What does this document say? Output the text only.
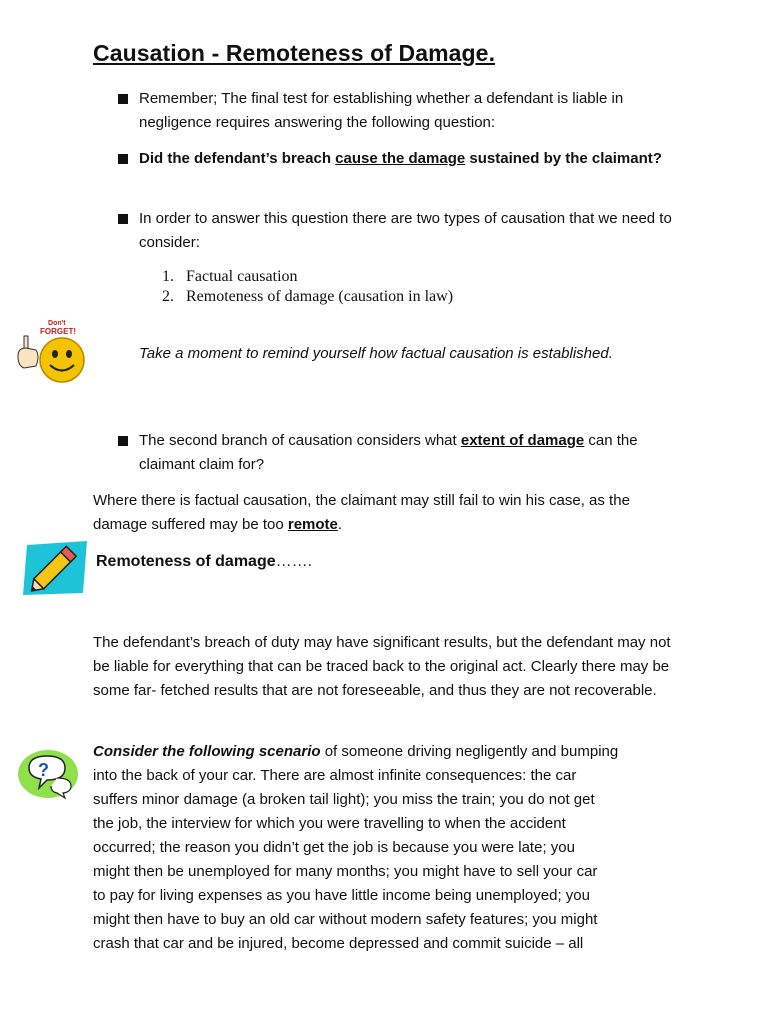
Causation - Remoteness of Damage.
Remember; The final test for establishing whether a defendant is liable in negligence requires answering the following question:
Did the defendant’s breach cause the damage sustained by the claimant?
In order to answer this question there are two types of causation that we need to consider:
1. Factual causation
2. Remoteness of damage (causation in law)
Don't
FORGET!
Take a moment to remind yourself how factual causation is established.
The second branch of causation considers what extent of damage can the claimant claim for?
Where there is factual causation, the claimant may still fail to win his case, as the damage suffered may be too remote.
Remoteness of damage…….
The defendant’s breach of duty may have significant results, but the defendant may not be liable for everything that can be traced back to the original act. Clearly there may be some far- fetched results that are not foreseeable, and thus they are not recoverable.
?
Consider the following scenario of someone driving negligently and bumping
into the back of your car. There are almost infinite consequences: the car
suffers minor damage (a broken tail light); you miss the train; you do not get
the job, the interview for which you were travelling to when the accident
occurred; the reason you didn’t get the job is because you were late; you
might then be unemployed for many months; you might have to sell your car
to pay for living expenses as you have little income being unemployed; you
might then have to buy an old car without modern safety features; you might
crash that car and be injured, become depressed and commit suicide – all
